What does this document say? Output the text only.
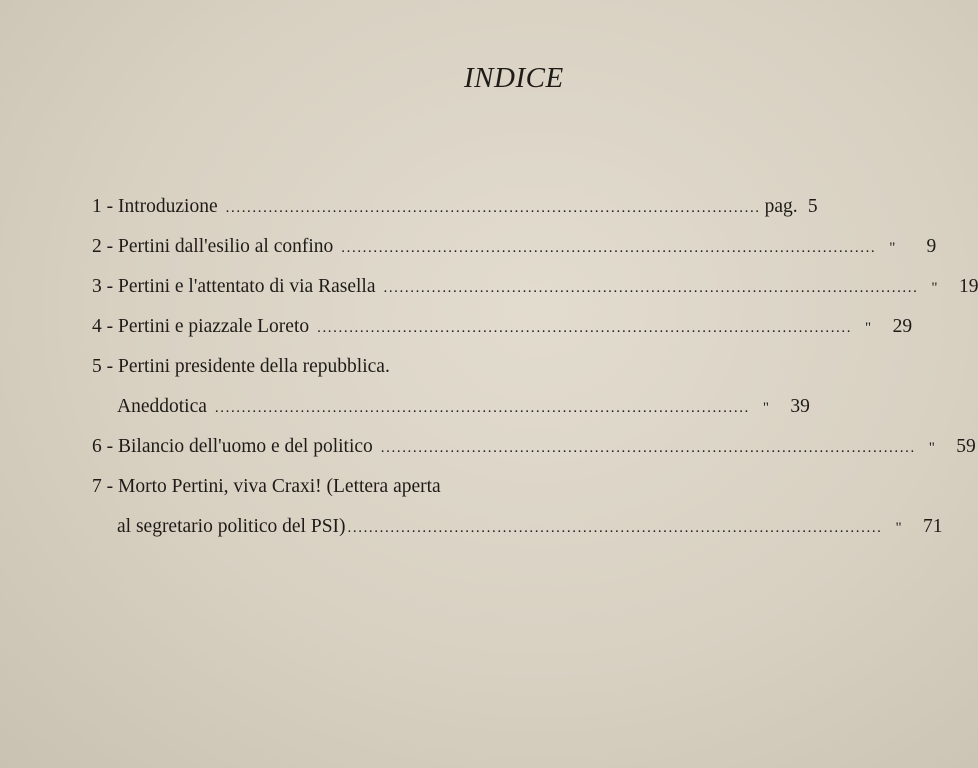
INDICE
1 - Introduzione .................................................................................................... pag. 5
2 - Pertini dall'esilio al confino .................................................................................................... "	9
3 - Pertini e l'attentato di via Rasella .................................................................................................... "	19
4 - Pertini e piazzale Loreto .................................................................................................... "	29
5 - Pertini presidente della repubblica.
Aneddotica .................................................................................................... "	39
6 - Bilancio dell'uomo e del politico .................................................................................................... "	59
7 - Morto Pertini, viva Craxi! (Lettera aperta
al segretario politico del PSI) .................................................................................................... "	71
